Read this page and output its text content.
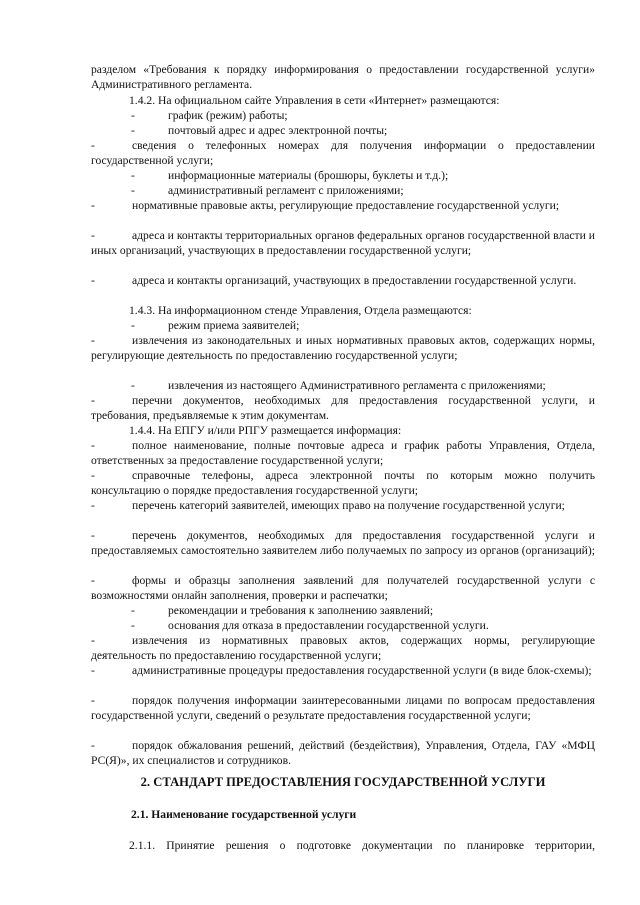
разделом «Требования к порядку информирования о предоставлении государственной услуги» Административного регламента.

1.4.2. На официальном сайте Управления в сети «Интернет» размещаются:

-	график (режим) работы;
-	почтовый адрес и адрес электронной почты;

-	сведения о телефонных номерах для получения информации о предоставлении государственной услуги;

-	информационные материалы (брошюры, буклеты и т.д.);
-	административный регламент с приложениями;

-	нормативные правовые акты, регулирующие предоставление государственной услуги;

-	адреса и контакты территориальных органов федеральных органов государственной власти и иных организаций, участвующих в предоставлении государственной услуги;

-	адреса и контакты организаций, участвующих в предоставлении государственной услуги.

1.4.3. На информационном стенде Управления, Отдела размещаются:

-	режим приема заявителей;

-	извлечения из законодательных и иных нормативных правовых актов, содержащих нормы, регулирующие деятельность по предоставлению государственной услуги;

-	извлечения из настоящего Административного регламента с приложениями;

-	перечни документов, необходимых для предоставления государственной услуги, и требования, предъявляемые к этим документам.

1.4.4. На ЕПГУ и/или РПГУ размещается информация:

-	полное наименование, полные почтовые адреса и график работы Управления, Отдела, ответственных за предоставление государственной услуги;

-	справочные телефоны, адреса электронной почты по которым можно получить консультацию о порядке предоставления государственной услуги;

-	перечень категорий заявителей, имеющих право на получение государственной услуги;

-	перечень документов, необходимых для предоставления государственной услуги и предоставляемых самостоятельно заявителем либо получаемых по запросу из органов (организаций);

-	формы и образцы заполнения заявлений для получателей государственной услуги с возможностями онлайн заполнения, проверки и распечатки;

-	рекомендации и требования к заполнению заявлений;
-	основания для отказа в предоставлении государственной услуги.

-	извлечения из нормативных правовых актов, содержащих нормы, регулирующие деятельность по предоставлению государственной услуги;

-	административные процедуры предоставления государственной услуги (в виде блок-схемы);

-	порядок получения информации заинтересованными лицами по вопросам предоставления государственной услуги, сведений о результате предоставления государственной услуги;

-	порядок обжалования решений, действий (бездействия), Управления, Отдела, ГАУ «МФЦ РС(Я)», их специалистов и сотрудников.

2. СТАНДАРТ ПРЕДОСТАВЛЕНИЯ ГОСУДАРСТВЕННОЙ УСЛУГИ

2.1. Наименование государственной услуги

2.1.1. Принятие решения о подготовке документации по планировке территории,
